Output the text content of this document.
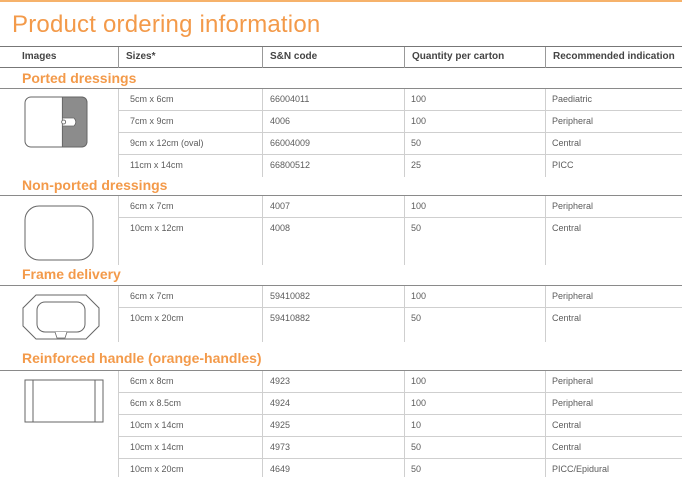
Product ordering information
Images	Sizes*	S&N code	Quantity per carton	Recommended indication
Ported dressings
5cm x 6cm	66004011	100	Paediatric
7cm x 9cm	4006	100	Peripheral
9cm x 12cm (oval)	66004009	50	Central
11cm x 14cm	66800512	25	PICC
Non-ported dressings
6cm x 7cm	4007	100	Peripheral
10cm x 12cm	4008	50	Central
Frame delivery
6cm x 7cm	59410082	100	Peripheral
10cm x 20cm	59410882	50	Central
Reinforced handle (orange-handles)
6cm x 8cm	4923	100	Peripheral
6cm x 8.5cm	4924	100	Peripheral
10cm x 14cm	4925	10	Central
10cm x 14cm	4973	50	Central
10cm x 20cm	4649	50	PICC/Epidural
